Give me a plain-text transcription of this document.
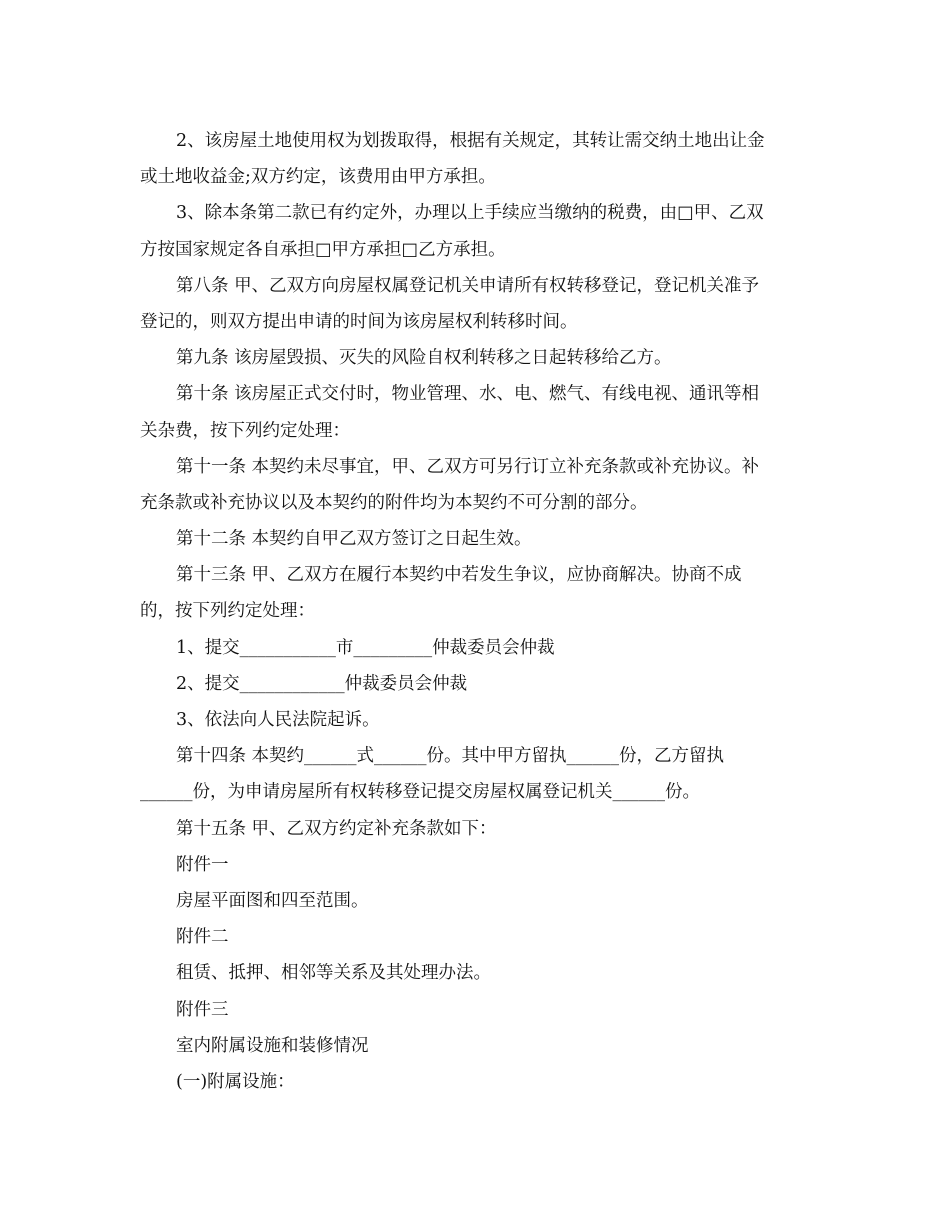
2、该房屋土地使用权为划拨取得，根据有关规定，其转让需交纳土地出让金
或土地收益金;双方约定，该费用由甲方承担。
3、除本条第二款已有约定外，办理以上手续应当缴纳的税费，由□甲、乙双
方按国家规定各自承担□甲方承担□乙方承担。
第八条 甲、乙双方向房屋权属登记机关申请所有权转移登记，登记机关准予
登记的，则双方提出申请的时间为该房屋权利转移时间。
第九条 该房屋毁损、灭失的风险自权利转移之日起转移给乙方。
第十条 该房屋正式交付时，物业管理、水、电、燃气、有线电视、通讯等相
关杂费，按下列约定处理：
第十一条 本契约未尽事宜，甲、乙双方可另行订立补充条款或补充协议。补
充条款或补充协议以及本契约的附件均为本契约不可分割的部分。
第十二条 本契约自甲乙双方签订之日起生效。
第十三条 甲、乙双方在履行本契约中若发生争议，应协商解决。协商不成
的，按下列约定处理：
1、提交___________市_________仲裁委员会仲裁
2、提交____________仲裁委员会仲裁
3、依法向人民法院起诉。
第十四条 本契约______式______份。其中甲方留执______份，乙方留执
______份，为申请房屋所有权转移登记提交房屋权属登记机关______份。
第十五条 甲、乙双方约定补充条款如下：
附件一
房屋平面图和四至范围。
附件二
租赁、抵押、相邻等关系及其处理办法。
附件三
室内附属设施和装修情况
(一)附属设施：
